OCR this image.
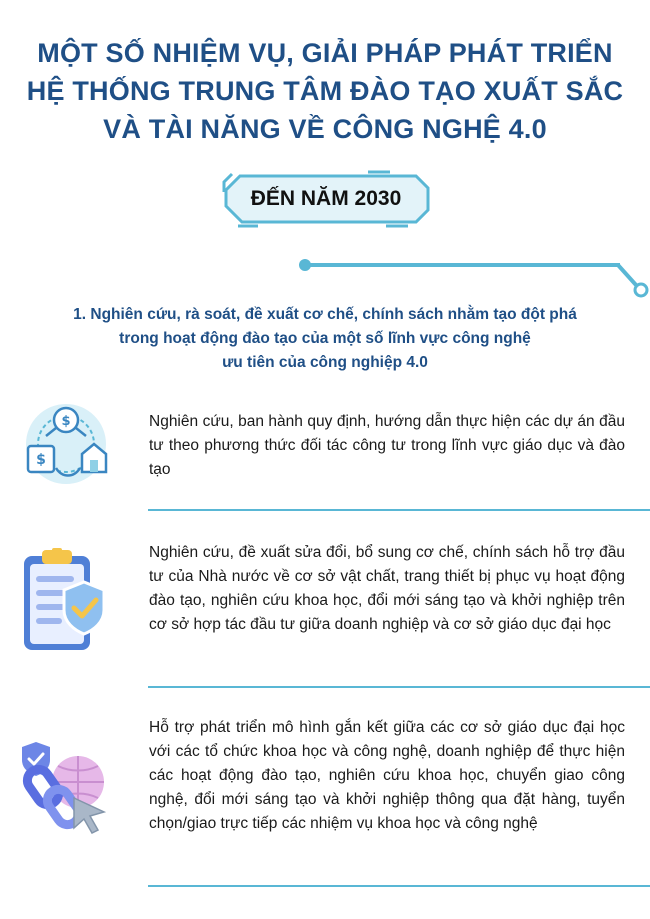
MỘT SỐ NHIỆM VỤ, GIẢI PHÁP PHÁT TRIỂN
HỆ THỐNG TRUNG TÂM ĐÀO TẠO XUẤT SẮC
VÀ TÀI NĂNG VỀ CÔNG NGHỆ 4.0
ĐẾN NĂM 2030
1. Nghiên cứu, rà soát, đề xuất cơ chế, chính sách nhằm tạo đột phá
trong hoạt động đào tạo của một số lĩnh vực công nghệ
ưu tiên của công nghiệp 4.0
$
$
Nghiên cứu, ban hành quy định, hướng dẫn thực hiện các dự án đầu tư theo phương thức đối tác công tư trong lĩnh vực giáo dục và đào tạo
Nghiên cứu, đề xuất sửa đổi, bổ sung cơ chế, chính sách hỗ trợ đầu tư của Nhà nước về cơ sở vật chất, trang thiết bị phục vụ hoạt động đào tạo, nghiên cứu khoa học, đổi mới sáng tạo và khởi nghiệp trên cơ sở hợp tác đầu tư giữa doanh nghiệp và cơ sở giáo dục đại học
Hỗ trợ phát triển mô hình gắn kết giữa các cơ sở giáo dục đại học với các tổ chức khoa học và công nghệ, doanh nghiệp để thực hiện các hoạt động đào tạo, nghiên cứu khoa học, chuyển giao công nghệ, đổi mới sáng tạo và khởi nghiệp thông qua đặt hàng, tuyển chọn/giao trực tiếp các nhiệm vụ khoa học và công nghệ
